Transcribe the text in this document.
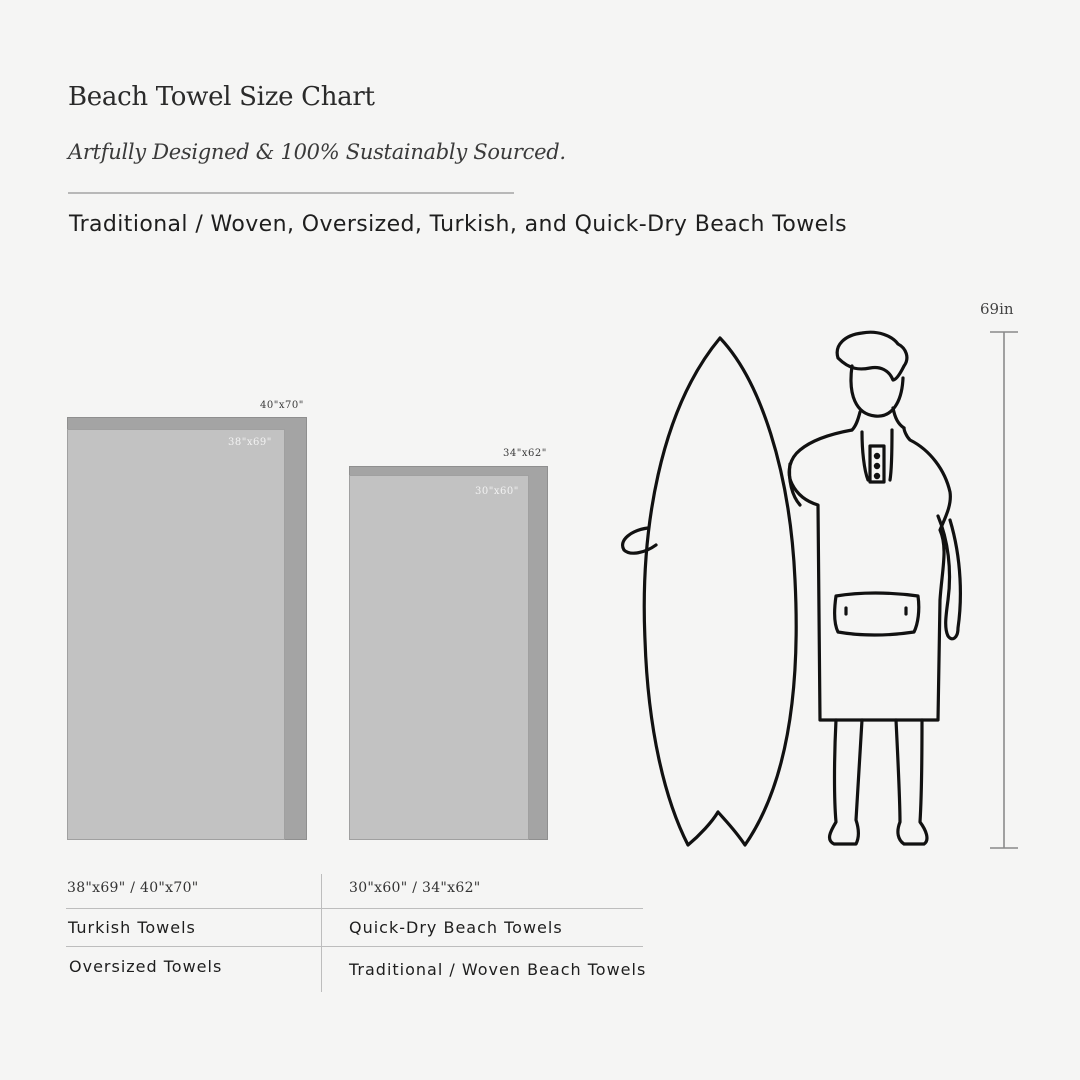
Beach Towel Size Chart
Artfully Designed & 100% Sustainably Sourced.
Traditional / Woven, Oversized, Turkish, and Quick-Dry Beach Towels
40"x70"
38"x69"
34"x62"
30"x60"
69in
38"x69" / 40"x70"
Turkish Towels
Oversized Towels
30"x60" / 34"x62"
Quick-Dry Beach Towels
Traditional / Woven Beach Towels
